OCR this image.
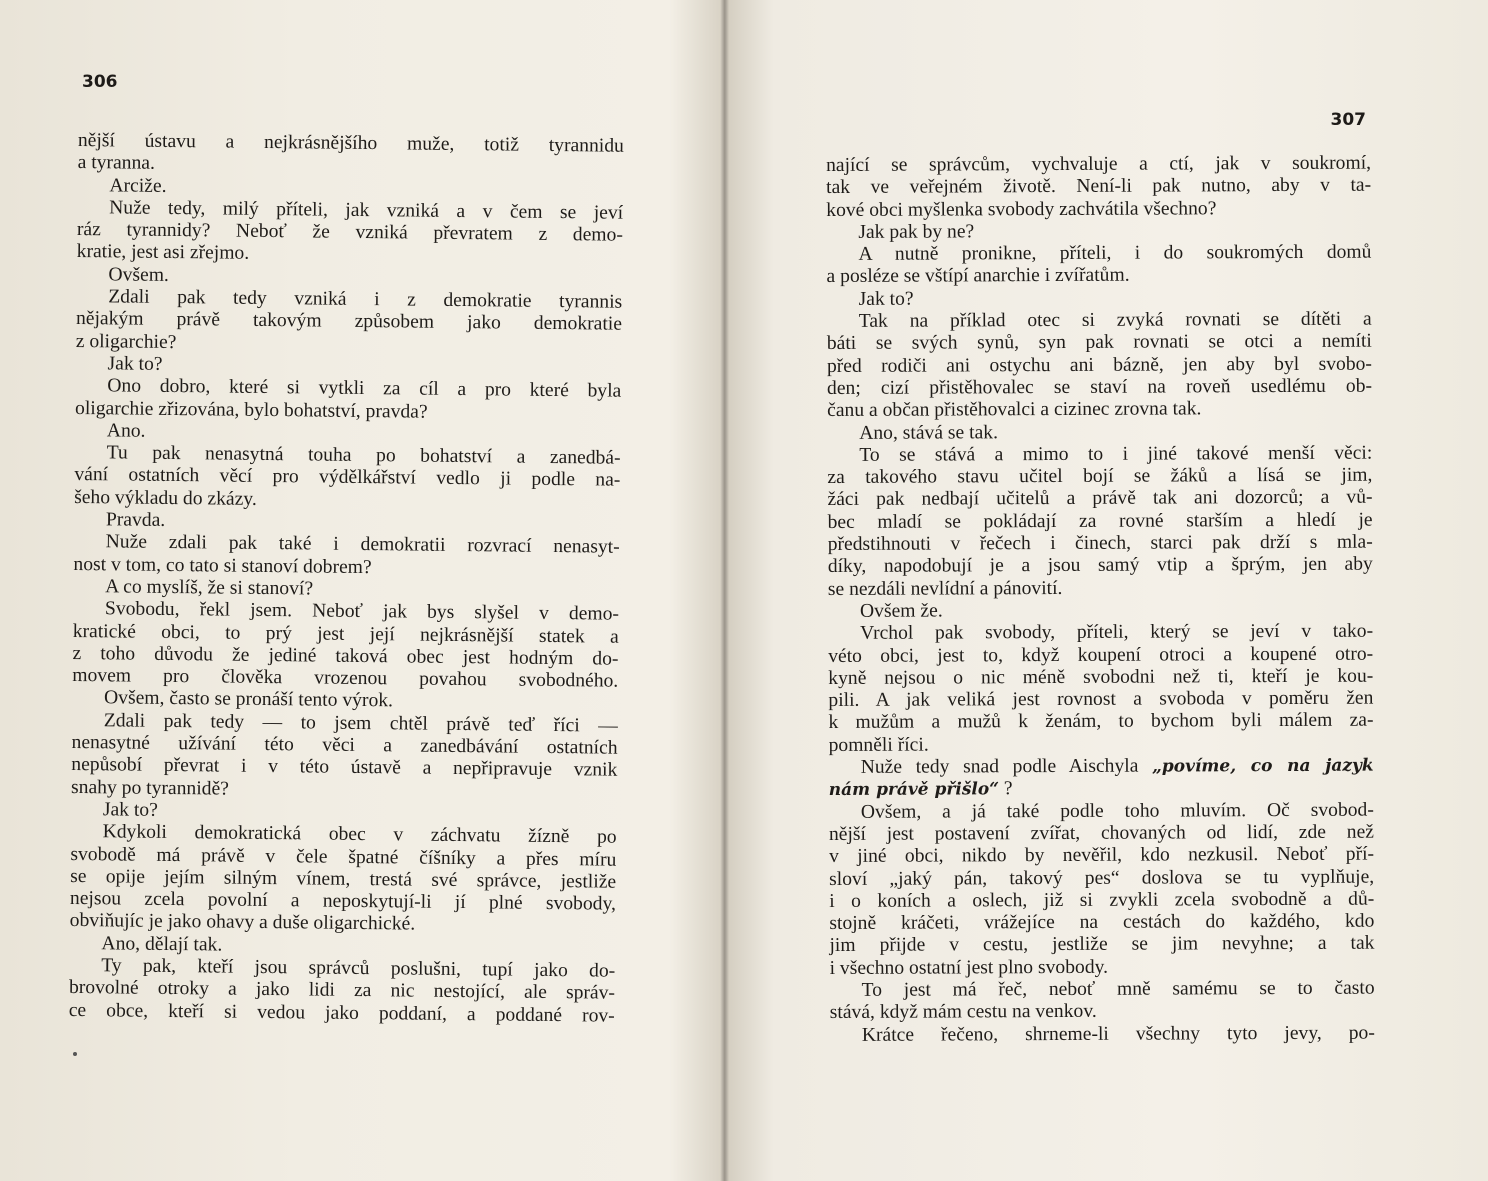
306
nější ústavu a nejkrásnějšího muže, totiž tyrannidu
a tyranna.
Arciže.
Nuže tedy, milý příteli, jak vzniká a v čem se jeví
ráz tyrannidy? Neboť že vzniká převratem z demo-
kratie, jest asi zřejmo.
Ovšem.
Zdali pak tedy vzniká i z demokratie tyrannis
nějakým právě takovým způsobem jako demokratie
z oligarchie?
Jak to?
Ono dobro, které si vytkli za cíl a pro které byla
oligarchie zřizována, bylo bohatství, pravda?
Ano.
Tu pak nenasytná touha po bohatství a zanedbá-
vání ostatních věcí pro výdělkářství vedlo ji podle na-
šeho výkladu do zkázy.
Pravda.
Nuže zdali pak také i demokratii rozvrací nenasyt-
nost v tom, co tato si stanoví dobrem?
A co myslíš, že si stanoví?
Svobodu, řekl jsem. Neboť jak bys slyšel v demo-
kratické obci, to prý jest její nejkrásnější statek a
z toho důvodu že jediné taková obec jest hodným do-
movem pro člověka vrozenou povahou svobodného.
Ovšem, často se pronáší tento výrok.
Zdali pak tedy — to jsem chtěl právě teď říci —
nenasytné užívání této věci a zanedbávání ostatních
nepůsobí převrat i v této ústavě a nepřipravuje vznik
snahy po tyrannidě?
Jak to?
Kdykoli demokratická obec v záchvatu žízně po
svobodě má právě v čele špatné číšníky a přes míru
se opije jejím silným vínem, trestá své správce, jestliže
nejsou zcela povolní a neposkytují-li jí plné svobody,
obviňujíc je jako ohavy a duše oligarchické.
Ano, dělají tak.
Ty pak, kteří jsou správců poslušni, tupí jako do-
brovolné otroky a jako lidi za nic nestojící, ale správ-
ce obce, kteří si vedou jako poddaní, a poddané rov-
307
nající se správcům, vychvaluje a ctí, jak v soukromí,
tak ve veřejném životě. Není-li pak nutno, aby v ta-
kové obci myšlenka svobody zachvátila všechno?
Jak pak by ne?
A nutně pronikne, příteli, i do soukromých domů
a posléze se vštípí anarchie i zvířatům.
Jak to?
Tak na příklad otec si zvyká rovnati se dítěti a
báti se svých synů, syn pak rovnati se otci a nemíti
před rodiči ani ostychu ani bázně, jen aby byl svobo-
den; cizí přistěhovalec se staví na roveň usedlému ob-
čanu a občan přistěhovalci a cizinec zrovna tak.
Ano, stává se tak.
To se stává a mimo to i jiné takové menší věci:
za takového stavu učitel bojí se žáků a lísá se jim,
žáci pak nedbají učitelů a právě tak ani dozorců; a vů-
bec mladí se pokládají za rovné starším a hledí je
předstihnouti v řečech i činech, starci pak drží s mla-
díky, napodobují je a jsou samý vtip a šprým, jen aby
se nezdáli nevlídní a pánovití.
Ovšem že.
Vrchol pak svobody, příteli, který se jeví v tako-
véto obci, jest to, když koupení otroci a koupené otro-
kyně nejsou o nic méně svobodni než ti, kteří je kou-
pili. A jak veliká jest rovnost a svoboda v poměru žen
k mužům a mužů k ženám, to bychom byli málem za-
pomněli říci.
Nuže tedy snad podle Aischyla „povíme, co na jazyk
nám právě přišlo“ ?
Ovšem, a já také podle toho mluvím. Oč svobod-
nější jest postavení zvířat, chovaných od lidí, zde než
v jiné obci, nikdo by nevěřil, kdo nezkusil. Neboť pří-
sloví „jaký pán, takový pes“ doslova se tu vyplňuje,
i o koních a oslech, již si zvykli zcela svobodně a dů-
stojně kráčeti, vrážejíce na cestách do každého, kdo
jim přijde v cestu, jestliže se jim nevyhne; a tak
i všechno ostatní jest plno svobody.
To jest má řeč, neboť mně samému se to často
stává, když mám cestu na venkov.
Krátce řečeno, shrneme-li všechny tyto jevy, po-
